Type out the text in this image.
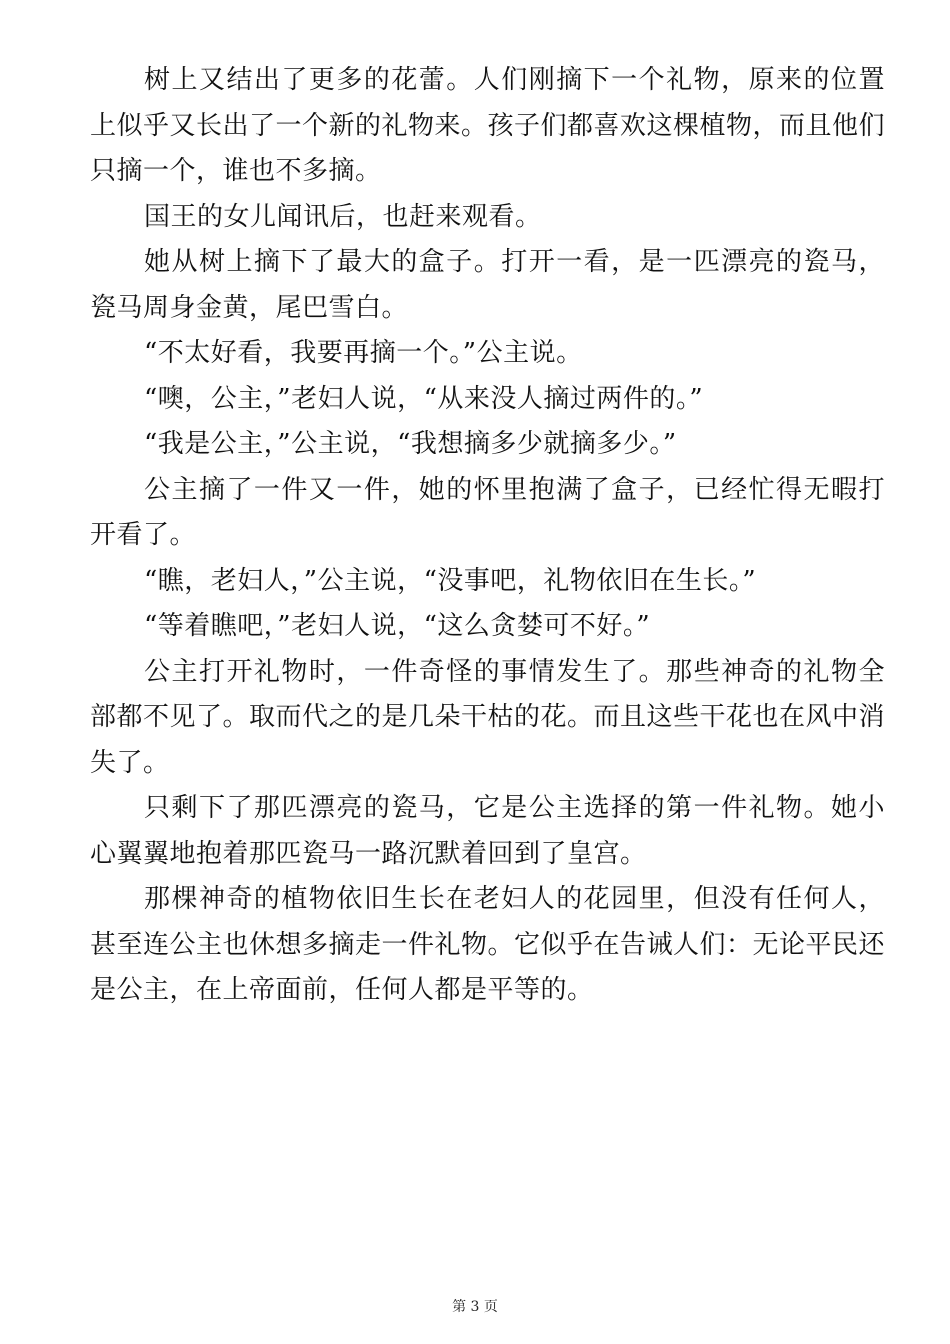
树上又结出了更多的花蕾。人们刚摘下一个礼物，原来的位置上似乎又长出了一个新的礼物来。孩子们都喜欢这棵植物，而且他们只摘一个，谁也不多摘。

国王的女儿闻讯后，也赶来观看。

她从树上摘下了最大的盒子。打开一看，是一匹漂亮的瓷马，瓷马周身金黄，尾巴雪白。

“不太好看，我要再摘一个。”公主说。

“噢，公主，”老妇人说，“从来没人摘过两件的。”

“我是公主，”公主说，“我想摘多少就摘多少。”

公主摘了一件又一件，她的怀里抱满了盒子，已经忙得无暇打开看了。

“瞧，老妇人，”公主说，“没事吧，礼物依旧在生长。”

“等着瞧吧，”老妇人说，“这么贪婪可不好。”

公主打开礼物时，一件奇怪的事情发生了。那些神奇的礼物全部都不见了。取而代之的是几朵干枯的花。而且这些干花也在风中消失了。

只剩下了那匹漂亮的瓷马，它是公主选择的第一件礼物。她小心翼翼地抱着那匹瓷马一路沉默着回到了皇宫。

那棵神奇的植物依旧生长在老妇人的花园里，但没有任何人，甚至连公主也休想多摘走一件礼物。它似乎在告诫人们：无论平民还是公主，在上帝面前，任何人都是平等的。

第 3 页
